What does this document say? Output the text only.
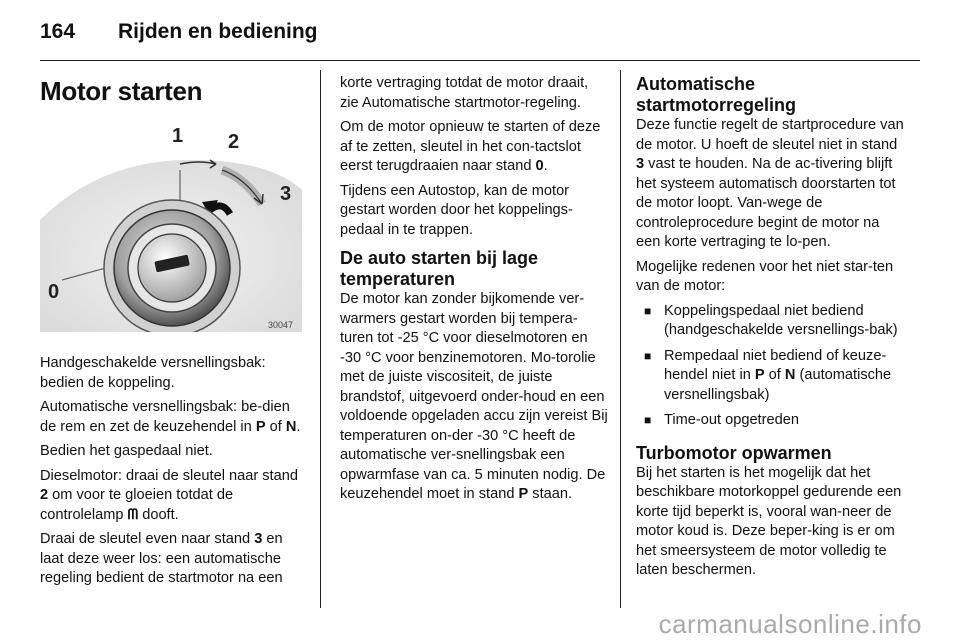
164 Rijden en bediening
Motor starten
1 2
3
0
30047

Handgeschakelde versnellingsbak: bedien de koppeling.

Automatische versnellingsbak: be-dien de rem en zet de keuzehendel in P of N.

Bedien het gaspedaal niet.

Dieselmotor: draai de sleutel naar stand 2 om voor te gloeien totdat de controlelamp ᗰ dooft.

Draai de sleutel even naar stand 3 en laat deze weer los: een automatische regeling bedient de startmotor na een

korte vertraging totdat de motor draait, zie Automatische startmotor-regeling.

Om de motor opnieuw te starten of deze af te zetten, sleutel in het con-tactslot eerst terugdraaien naar stand 0.

Tijdens een Autostop, kan de motor gestart worden door het koppelings-pedaal in te trappen.

De auto starten bij lage temperaturen

De motor kan zonder bijkomende ver-warmers gestart worden bij tempera-turen tot -25 °C voor dieselmotoren en -30 °C voor benzinemotoren. Mo-torolie met de juiste viscositeit, de juiste brandstof, uitgevoerd onder-houd en een voldoende opgeladen accu zijn vereist Bij temperaturen on-der -30 °C heeft de automatische ver-snellingsbak een opwarmfase van ca. 5 minuten nodig. De keuzehendel moet in stand P staan.

Automatische startmotorregeling

Deze functie regelt de startprocedure van de motor. U hoeft de sleutel niet in stand 3 vast te houden. Na de ac-tivering blijft het systeem automatisch doorstarten tot de motor loopt. Van-wege de controleprocedure begint de motor na een korte vertraging te lo-pen.

Mogelijke redenen voor het niet star-ten van de motor:

■ Koppelingspedaal niet bediend (handgeschakelde versnellings-bak)
■ Rempedaal niet bediend of keuze-hendel niet in P of N (automatische versnellingsbak)
■ Time-out opgetreden
Turbomotor opwarmen

Bij het starten is het mogelijk dat het beschikbare motorkoppel gedurende een korte tijd beperkt is, vooral wan-neer de motor koud is. Deze beper-king is er om het smeersysteem de motor volledig te laten beschermen.

carmanualsonline.info
